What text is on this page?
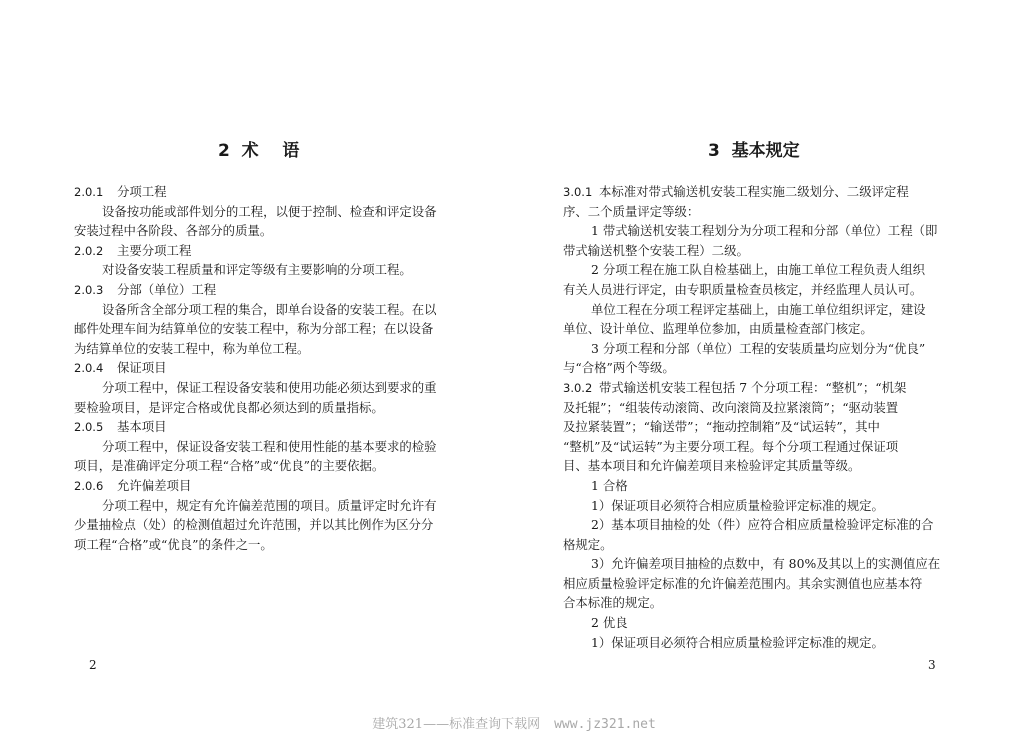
2  术    语
2.0.1 分项工程
设备按功能或部件划分的工程，以便于控制、检查和评定设备
安装过程中各阶段、各部分的质量。
2.0.2 主要分项工程
对设备安装工程质量和评定等级有主要影响的分项工程。
2.0.3 分部（单位）工程
设备所含全部分项工程的集合，即单台设备的安装工程。在以
邮件处理车间为结算单位的安装工程中，称为分部工程；在以设备
为结算单位的安装工程中，称为单位工程。
2.0.4 保证项目
分项工程中，保证工程设备安装和使用功能必须达到要求的重
要检验项目，是评定合格或优良都必须达到的质量指标。
2.0.5 基本项目
分项工程中，保证设备安装工程和使用性能的基本要求的检验
项目，是准确评定分项工程“合格”或“优良”的主要依据。
2.0.6 允许偏差项目
分项工程中，规定有允许偏差范围的项目。质量评定时允许有
少量抽检点（处）的检测值超过允许范围，并以其比例作为区分分
项工程“合格”或“优良”的条件之一。
2
3  基本规定
3.0.1 本标准对带式输送机安装工程实施二级划分、二级评定程
序、二个质量评定等级：
1 带式输送机安装工程划分为分项工程和分部（单位）工程（即
带式输送机整个安装工程）二级。
2 分项工程在施工队自检基础上，由施工单位工程负责人组织
有关人员进行评定，由专职质量检查员核定，并经监理人员认可。
单位工程在分项工程评定基础上，由施工单位组织评定，建设
单位、设计单位、监理单位参加，由质量检查部门核定。
3 分项工程和分部（单位）工程的安装质量均应划分为“优良”
与“合格”两个等级。
3.0.2 带式输送机安装工程包括 7 个分项工程：“整机”；“机架
及托辊”；“组装传动滚筒、改向滚筒及拉紧滚筒”；“驱动装置
及拉紧装置”；“输送带”；“拖动控制箱”及“试运转”，其中
“整机”及“试运转”为主要分项工程。每个分项工程通过保证项
目、基本项目和允许偏差项目来检验评定其质量等级。
1 合格
1）保证项目必须符合相应质量检验评定标准的规定。
2）基本项目抽检的处（件）应符合相应质量检验评定标准的合
格规定。
3）允许偏差项目抽检的点数中，有 80%及其以上的实测值应在
相应质量检验评定标准的允许偏差范围内。其余实测值也应基本符
合本标准的规定。
2 优良
1）保证项目必须符合相应质量检验评定标准的规定。
3

建筑321——标准查询下载网 www.jz321.net
